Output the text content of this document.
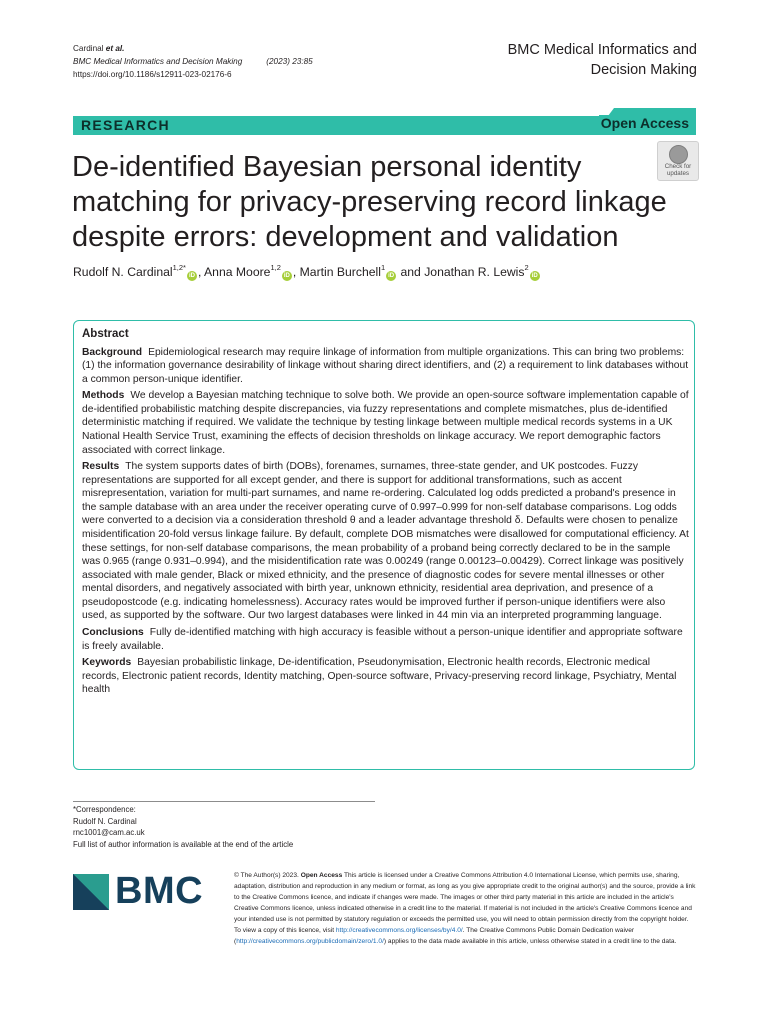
Cardinal et al.
BMC Medical Informatics and Decision Making	(2023) 23:85
https://doi.org/10.1186/s12911-023-02176-6
BMC Medical Informatics and
Decision Making
RESEARCH	Open Access
De-identified Bayesian personal identity matching for privacy-preserving record linkage despite errors: development and validation
Check for
updates
Rudolf N. Cardinal$^{1,2*}$iD , Anna Moore$^{1,2}$iD , Martin Burchell$^1$iD and Jonathan R. Lewis$^2$iD
Abstract

Background Epidemiological research may require linkage of information from multiple organizations. This can bring two problems: (1) the information governance desirability of linkage without sharing direct identifiers, and (2) a requirement to link databases without a common person-unique identifier.

Methods We develop a Bayesian matching technique to solve both. We provide an open-source software implementation capable of de-identified probabilistic matching despite discrepancies, via fuzzy representations and complete mismatches, plus de-identified deterministic matching if required. We validate the technique by testing linkage between multiple medical records systems in a UK National Health Service Trust, examining the effects of decision thresholds on linkage accuracy. We report demographic factors associated with correct linkage.

Results The system supports dates of birth (DOBs), forenames, surnames, three-state gender, and UK postcodes. Fuzzy representations are supported for all except gender, and there is support for additional transformations, such as accent misrepresentation, variation for multi-part surnames, and name re-ordering. Calculated log odds predicted a proband's presence in the sample database with an area under the receiver operating curve of 0.997–0.999 for non-self database comparisons. Log odds were converted to a decision via a consideration threshold θ and a leader advantage threshold δ. Defaults were chosen to penalize misidentification 20-fold versus linkage failure. By default, complete DOB mismatches were disallowed for computational efficiency. At these settings, for non-self database comparisons, the mean probability of a proband being correctly declared to be in the sample was 0.965 (range 0.931–0.994), and the misidentification rate was 0.00249 (range 0.00123–0.00429). Correct linkage was positively associated with male gender, Black or mixed ethnicity, and the presence of diagnostic codes for severe mental illnesses or other mental disorders, and negatively associated with birth year, unknown ethnicity, residential area deprivation, and presence of a pseudopostcode (e.g. indicating homelessness). Accuracy rates would be improved further if person-unique identifiers were also used, as supported by the software. Our two largest databases were linked in 44 min via an interpreted programming language.

Conclusions Fully de-identified matching with high accuracy is feasible without a person-unique identifier and appropriate software is freely available.

Keywords Bayesian probabilistic linkage, De-identification, Pseudonymisation, Electronic health records, Electronic medical records, Electronic patient records, Identity matching, Open-source software, Privacy-preserving record linkage, Psychiatry, Mental health

*Correspondence:
Rudolf N. Cardinal
rnc1001@cam.ac.uk
Full list of author information is available at the end of the article
BMC	© The Author(s) 2023. Open Access This article is licensed under a Creative Commons Attribution 4.0 International License, which permits use, sharing, adaptation, distribution and reproduction in any medium or format, as long as you give appropriate credit to the original author(s) and the source, provide a link to the Creative Commons licence, and indicate if changes were made. The images or other third party material in this article are included in the article's Creative Commons licence, unless indicated otherwise in a credit line to the material. If material is not included in the article's Creative Commons licence and your intended use is not permitted by statutory regulation or exceeds the permitted use, you will need to obtain permission directly from the copyright holder. To view a copy of this licence, visit http://creativecommons.org/licenses/by/4.0/. The Creative Commons Public Domain Dedication waiver (http://creativecommons.org/publicdomain/zero/1.0/) applies to the data made available in this article, unless otherwise stated in a credit line to the data.
